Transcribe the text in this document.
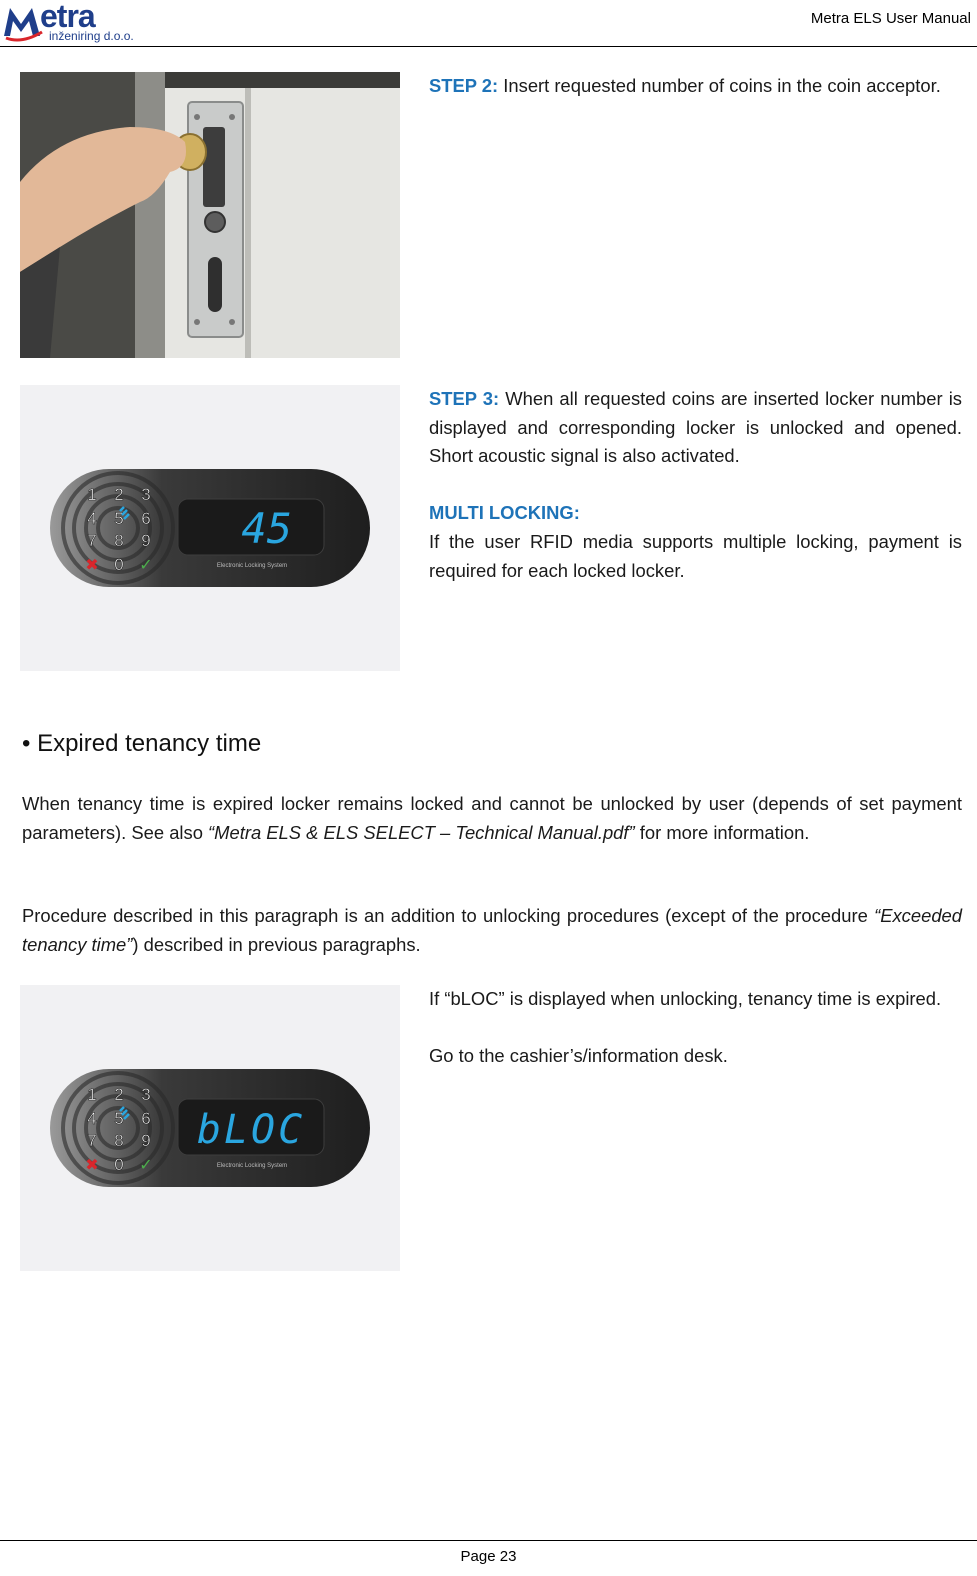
etra
inženiring d.o.o.
Metra ELS User Manual

STEP 2: Insert requested number of coins in the coin acceptor.

45
1 2 3
4 5 6
7 8 9
0
✖	✓	Electronic Locking System

STEP 3: When all requested coins are inserted locker number is displayed and corresponding locker is unlocked and opened. Short acoustic signal is also activated.

MULTI LOCKING:

If the user RFID media supports multiple locking, payment is required for each locked locker.

• Expired tenancy time

When tenancy time is expired locker remains locked and cannot be unlocked by user (depends of set payment parameters). See also “Metra ELS & ELS SELECT – Technical Manual.pdf” for more information.

Procedure described in this paragraph is an addition to unlocking procedures (except of the procedure “Exceeded tenancy time”) described in previous paragraphs.

bLOC
1 2 3
4 5 6
7 8 9
0
✖	✓	Electronic Locking System

If “bLOC” is displayed when unlocking, tenancy time is expired.

Go to the cashier’s/information desk.

Page 23
